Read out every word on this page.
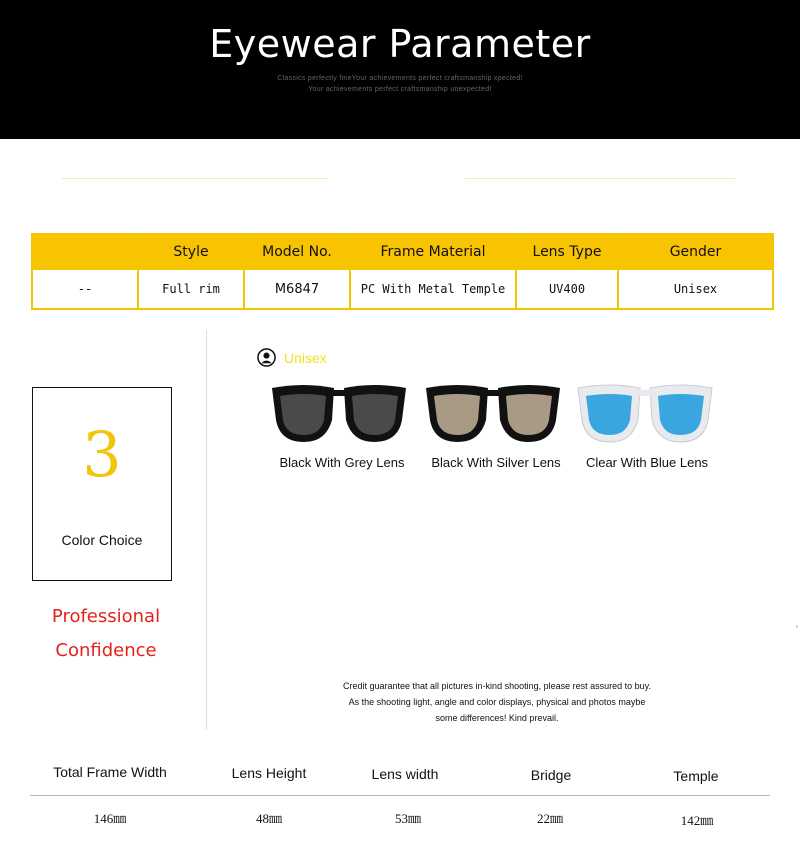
Eyewear Parameter
Classics perfectly fineYour achievements perfect craftsmanship xpected!
Your achievements perfect craftsmanship unexpected!
	Style	Model No.	Frame Material	Lens Type	Gender
--	Full rim	M6847	PC With Metal Temple	UV400	Unisex
3
Color Choice
Professional
Confidence
Unisex
Black With Grey Lens	Black With Silver Lens	Clear With Blue Lens
Credit guarantee that all pictures in-kind shooting, please rest assured to buy.
As the shooting light, angle and color displays, physical and photos maybe
some differences! Kind prevail.
'
Total Frame Width	Lens Height	Lens width	Bridge	Temple
146㎜	48㎜	53㎜	22㎜	142㎜
